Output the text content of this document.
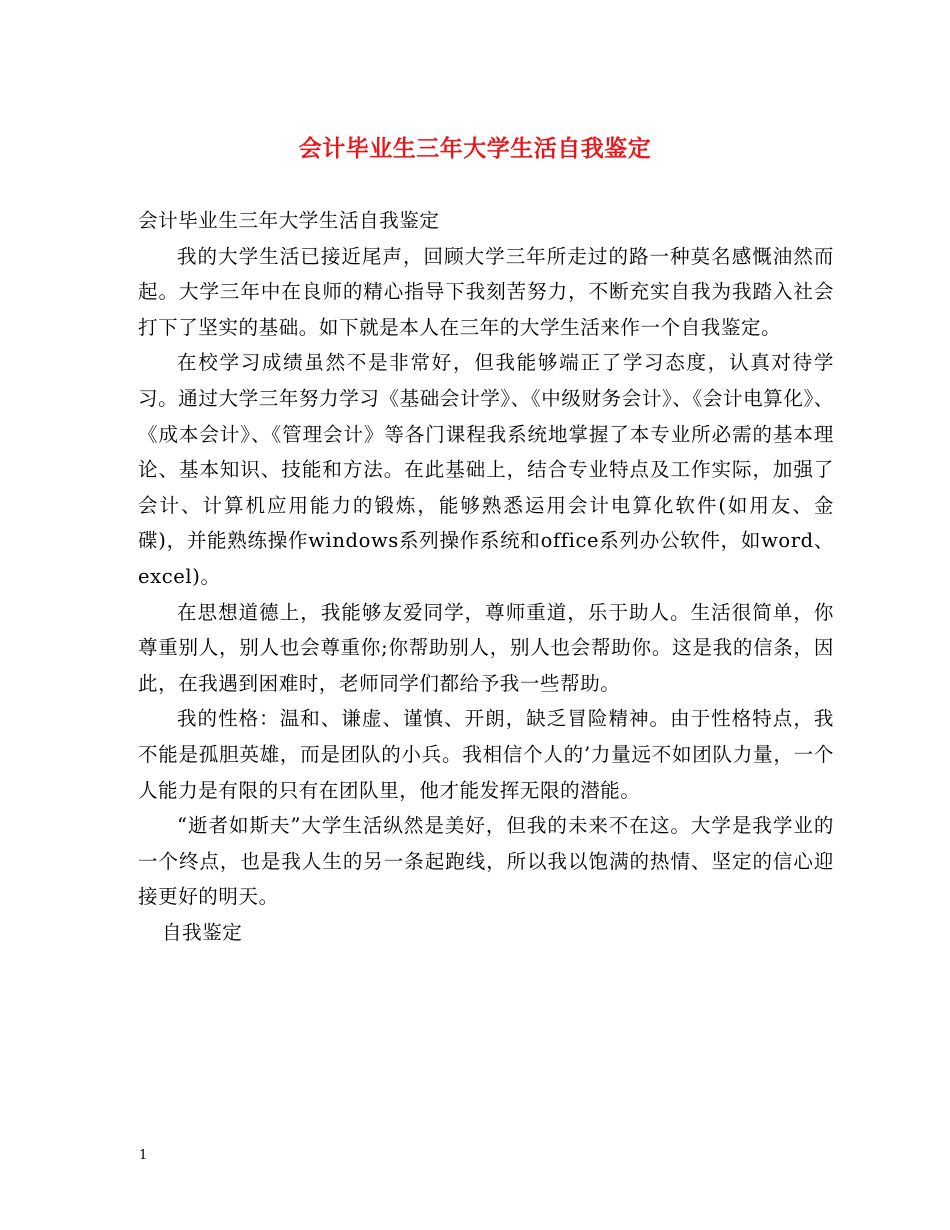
会计毕业生三年大学生活自我鉴定

会计毕业生三年大学生活自我鉴定

我的大学生活已接近尾声，回顾大学三年所走过的路一种莫名感慨油然而起。大学三年中在良师的精心指导下我刻苦努力，不断充实自我为我踏入社会打下了坚实的基础。如下就是本人在三年的大学生活来作一个自我鉴定。

在校学习成绩虽然不是非常好，但我能够端正了学习态度，认真对待学习。通过大学三年努力学习《基础会计学》、《中级财务会计》、《会计电算化》、《成本会计》、《管理会计》等各门课程我系统地掌握了本专业所必需的基本理论、基本知识、技能和方法。在此基础上，结合专业特点及工作实际，加强了会计、计算机应用能力的锻炼，能够熟悉运用会计电算化软件(如用友、金碟)，并能熟练操作windows系列操作系统和office系列办公软件，如word、excel)。

在思想道德上，我能够友爱同学，尊师重道，乐于助人。生活很简单，你尊重别人，别人也会尊重你;你帮助别人，别人也会帮助你。这是我的信条，因此，在我遇到困难时，老师同学们都给予我一些帮助。

我的性格：温和、谦虚、谨慎、开朗，缺乏冒险精神。由于性格特点，我不能是孤胆英雄，而是团队的小兵。我相信个人的’力量远不如团队力量，一个人能力是有限的只有在团队里，他才能发挥无限的潜能。

“逝者如斯夫”大学生活纵然是美好，但我的未来不在这。大学是我学业的一个终点，也是我人生的另一条起跑线，所以我以饱满的热情、坚定的信心迎接更好的明天。

自我鉴定

1
